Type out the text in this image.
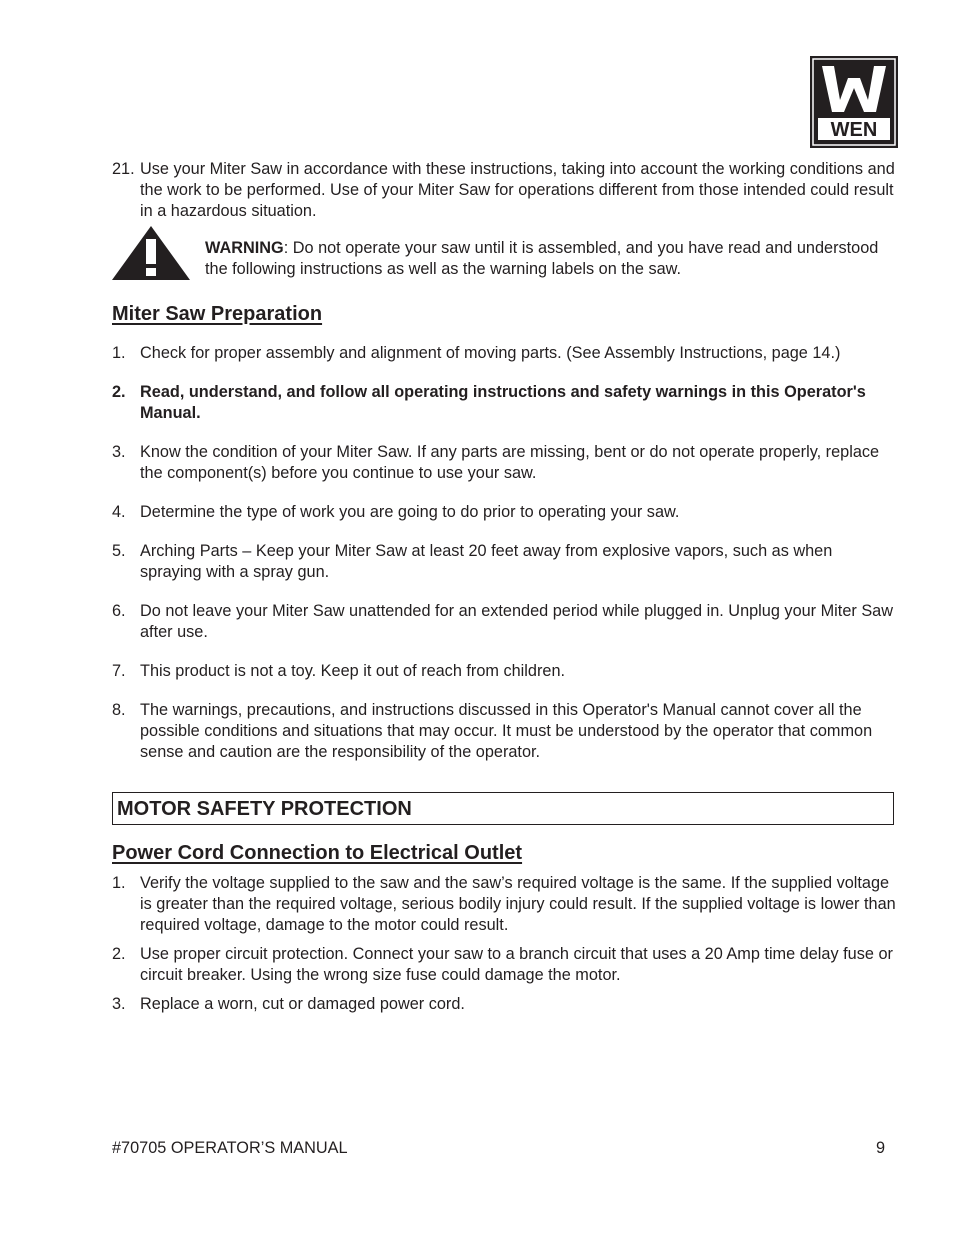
WEN
21. Use your Miter Saw in accordance with these instructions, taking into account the working conditions and the work to be performed. Use of your Miter Saw for operations different from those intended could result in a hazardous situation.
WARNING: Do not operate your saw until it is assembled, and you have read and understood the following instructions as well as the warning labels on the saw.
Miter Saw Preparation
1. Check for proper assembly and alignment of moving parts. (See Assembly Instructions, page 14.)
2. Read, understand, and follow all operating instructions and safety warnings in this Operator's Manual.
3. Know the condition of your Miter Saw. If any parts are missing, bent or do not operate properly, replace the component(s) before you continue to use your saw.
4. Determine the type of work you are going to do prior to operating your saw.
5. Arching Parts – Keep your Miter Saw at least 20 feet away from explosive vapors, such as when spraying with a spray gun.
6. Do not leave your Miter Saw unattended for an extended period while plugged in. Unplug your Miter Saw after use.
7. This product is not a toy. Keep it out of reach from children.
8. The warnings, precautions, and instructions discussed in this Operator's Manual cannot cover all the possible conditions and situations that may occur. It must be understood by the operator that common sense and caution are the responsibility of the operator.
MOTOR SAFETY PROTECTION
Power Cord Connection to Electrical Outlet
1. Verify the voltage supplied to the saw and the saw’s required voltage is the same. If the supplied voltage is greater than the required voltage, serious bodily injury could result. If the supplied voltage is lower than required voltage, damage to the motor could result.
2. Use proper circuit protection. Connect your saw to a branch circuit that uses a 20 Amp time delay fuse or circuit breaker. Using the wrong size fuse could damage the motor.
3. Replace a worn, cut or damaged power cord.
#70705 OPERATOR’S MANUAL	9
